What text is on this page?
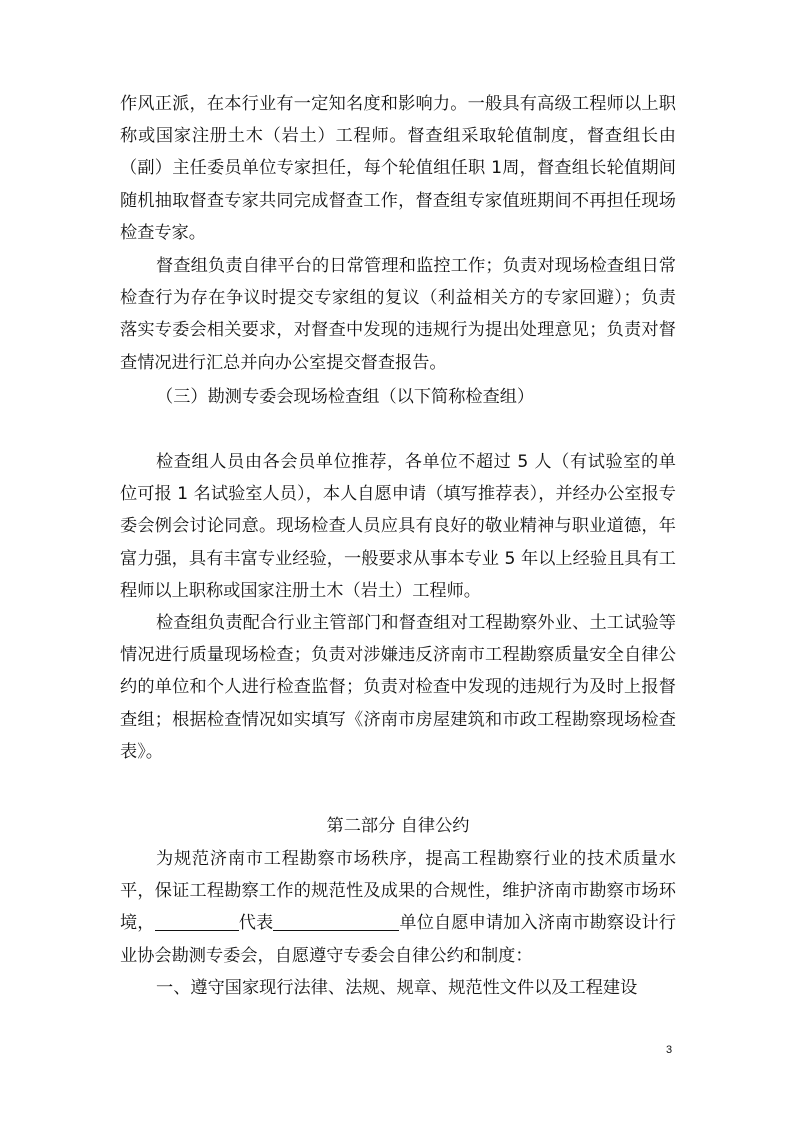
作风正派，在本行业有一定知名度和影响力。一般具有高级工程师以上职称或国家注册土木（岩土）工程师。督查组采取轮值制度，督查组长由（副）主任委员单位专家担任，每个轮值组任职 1周，督查组长轮值期间随机抽取督查专家共同完成督查工作，督查组专家值班期间不再担任现场检查专家。

督查组负责自律平台的日常管理和监控工作；负责对现场检查组日常检查行为存在争议时提交专家组的复议（利益相关方的专家回避）；负责落实专委会相关要求，对督查中发现的违规行为提出处理意见；负责对督查情况进行汇总并向办公室提交督查报告。

（三）勘测专委会现场检查组（以下简称检查组）

检查组人员由各会员单位推荐，各单位不超过 5 人（有试验室的单位可报 1 名试验室人员），本人自愿申请（填写推荐表），并经办公室报专委会例会讨论同意。现场检查人员应具有良好的敬业精神与职业道德，年富力强，具有丰富专业经验，一般要求从事本专业 5 年以上经验且具有工程师以上职称或国家注册土木（岩土）工程师。

检查组负责配合行业主管部门和督查组对工程勘察外业、土工试验等情况进行质量现场检查；负责对涉嫌违反济南市工程勘察质量安全自律公约的单位和个人进行检查监督；负责对检查中发现的违规行为及时上报督查组；根据检查情况如实填写《济南市房屋建筑和市政工程勘察现场检查表》。

第二部分 自律公约

为规范济南市工程勘察市场秩序，提高工程勘察行业的技术质量水平，保证工程勘察工作的规范性及成果的合规性，维护济南市勘察市场环境，	代表	单位自愿申请加入济南市勘察设计行业协会勘测专委会，自愿遵守专委会自律公约和制度：

一、遵守国家现行法律、法规、规章、规范性文件以及工程建设

3
